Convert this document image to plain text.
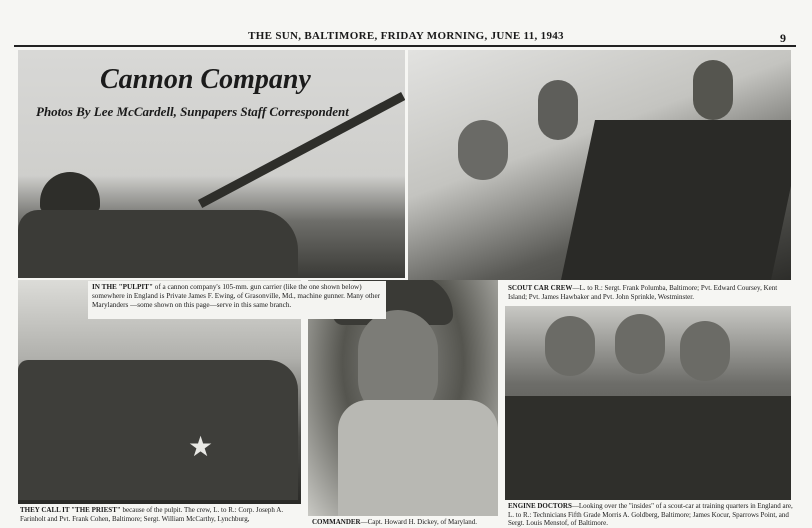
THE SUN, BALTIMORE, FRIDAY MORNING, JUNE 11, 1943	9
Cannon Company
Photos By Lee McCardell, Sunpapers Staff Correspondent
★
IN THE "PULPIT" of a cannon company's 105-mm. gun carrier (like the one shown below) somewhere in England is Private James F. Ewing, of Grasonville, Md., machine gunner. Many other Marylanders —some shown on this page—serve in this same branch.
SCOUT CAR CREW—L. to R.: Sergt. Frank Polumba, Baltimore; Pvt. Edward Coursey, Kent Island; Pvt. James Hawbaker and Pvt. John Sprinkle, Westminster.
ENGINE DOCTORS—Looking over the "insides" of a scout-car at training quarters in England are, L. to R.: Technicians Fifth Grade Morris A. Goldberg, Baltimore; James Kocur, Sparrows Point, and Sergt. Louis Menstof, of Baltimore.
COMMANDER—Capt. Howard H. Dickey, of Maryland.
THEY CALL IT "THE PRIEST" because of the pulpit. The crew, L. to R.: Corp. Joseph A. Farinholt and Pvt. Frank Cohen, Baltimore; Sergt. William McCarthy, Lynchburg,
